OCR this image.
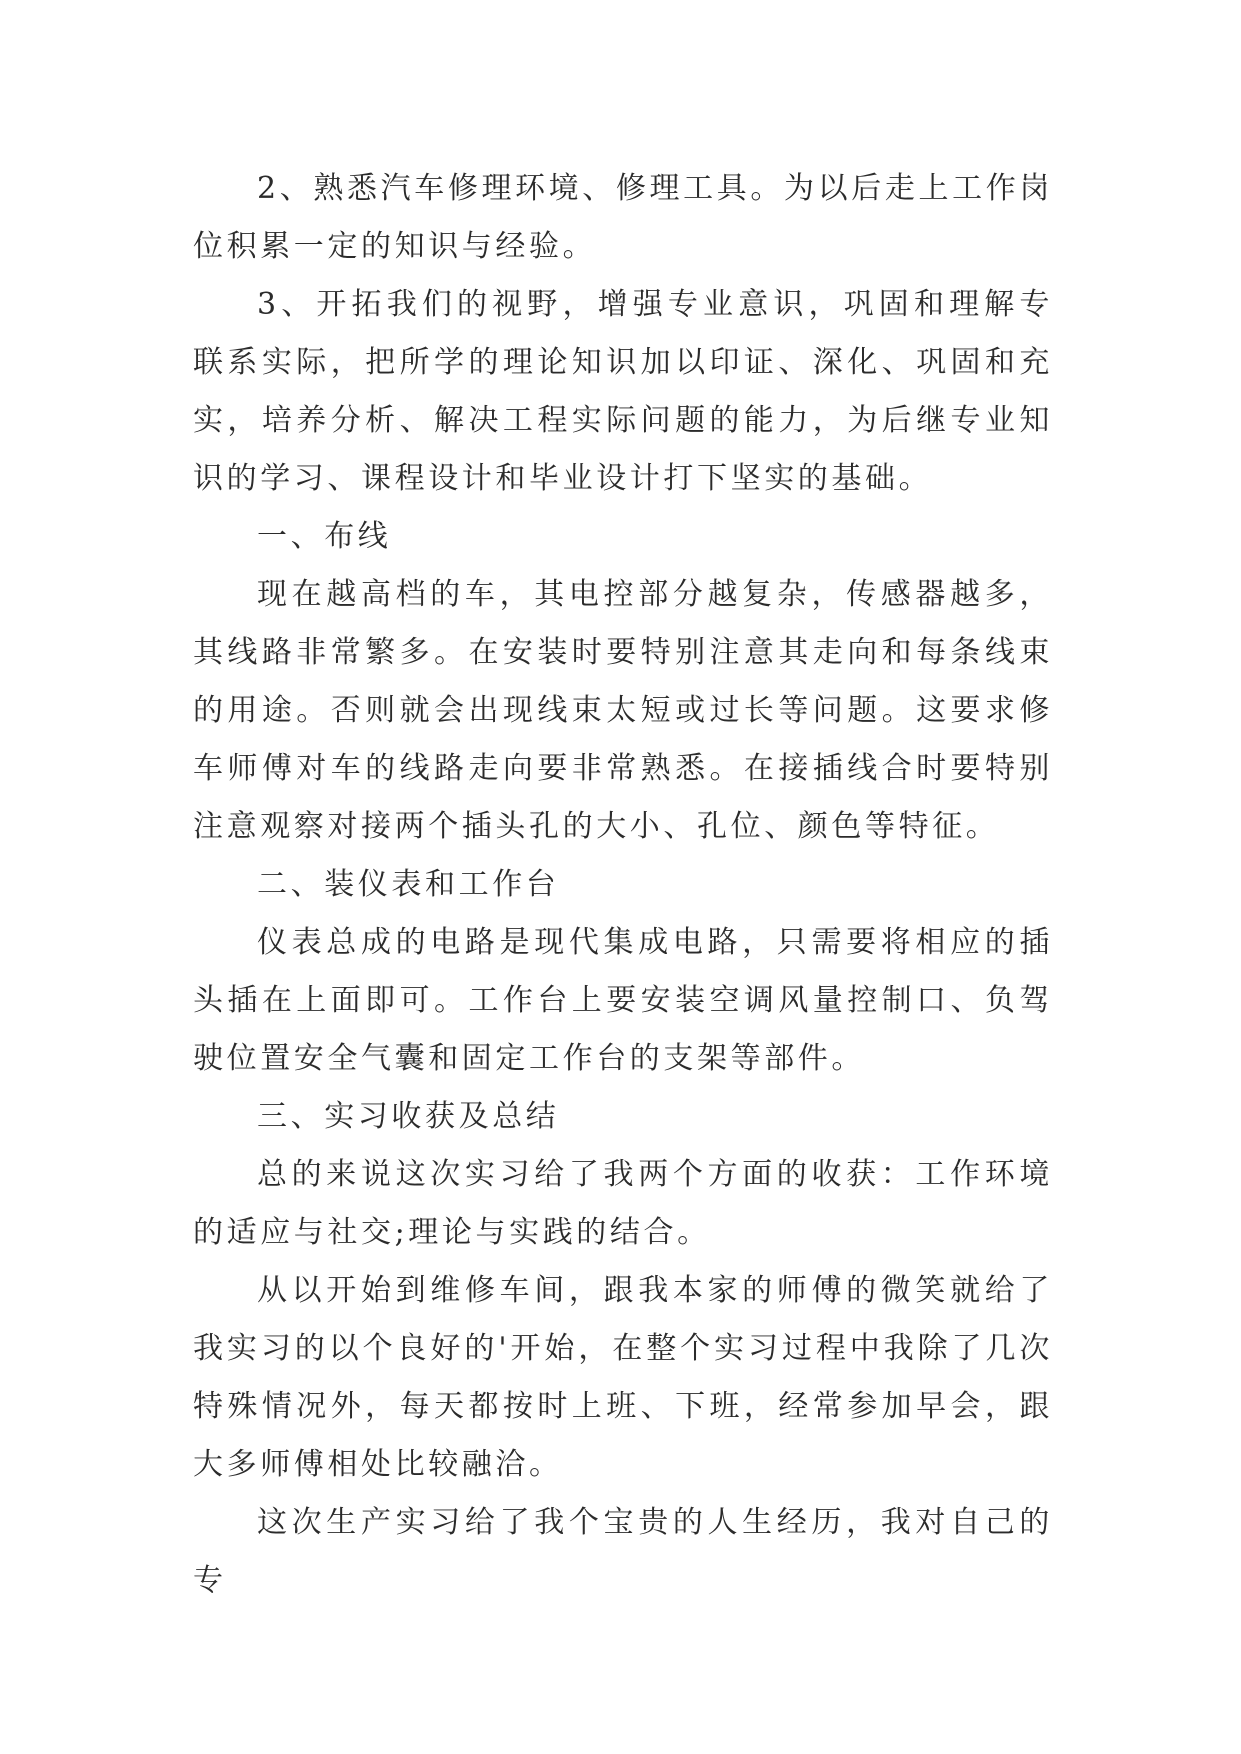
2、熟悉汽车修理环境、修理工具。为以后走上工作岗位积累一定的知识与经验。

3、开拓我们的视野，增强专业意识，巩固和理解专 联系实际，把所学的理论知识加以印证、深化、巩固和充实，培养分析、解决工程实际问题的能力，为后继专业知识的学习、课程设计和毕业设计打下坚实的基础。

一、布线

现在越高档的车，其电控部分越复杂，传感器越多，其线路非常繁多。在安装时要特别注意其走向和每条线束的用途。否则就会出现线束太短或过长等问题。这要求修车师傅对车的线路走向要非常熟悉。在接插线合时要特别注意观察对接两个插头孔的大小、孔位、颜色等特征。

二、装仪表和工作台

仪表总成的电路是现代集成电路，只需要将相应的插头插在上面即可。工作台上要安装空调风量控制口、负驾驶位置安全气囊和固定工作台的支架等部件。

三、实习收获及总结

总的来说这次实习给了我两个方面的收获：工作环境的适应与社交;理论与实践的结合。

从以开始到维修车间，跟我本家的师傅的微笑就给了我实习的以个良好的'开始，在整个实习过程中我除了几次特殊情况外，每天都按时上班、下班，经常参加早会，跟大多师傅相处比较融洽。

这次生产实习给了我个宝贵的人生经历，我对自己的专
